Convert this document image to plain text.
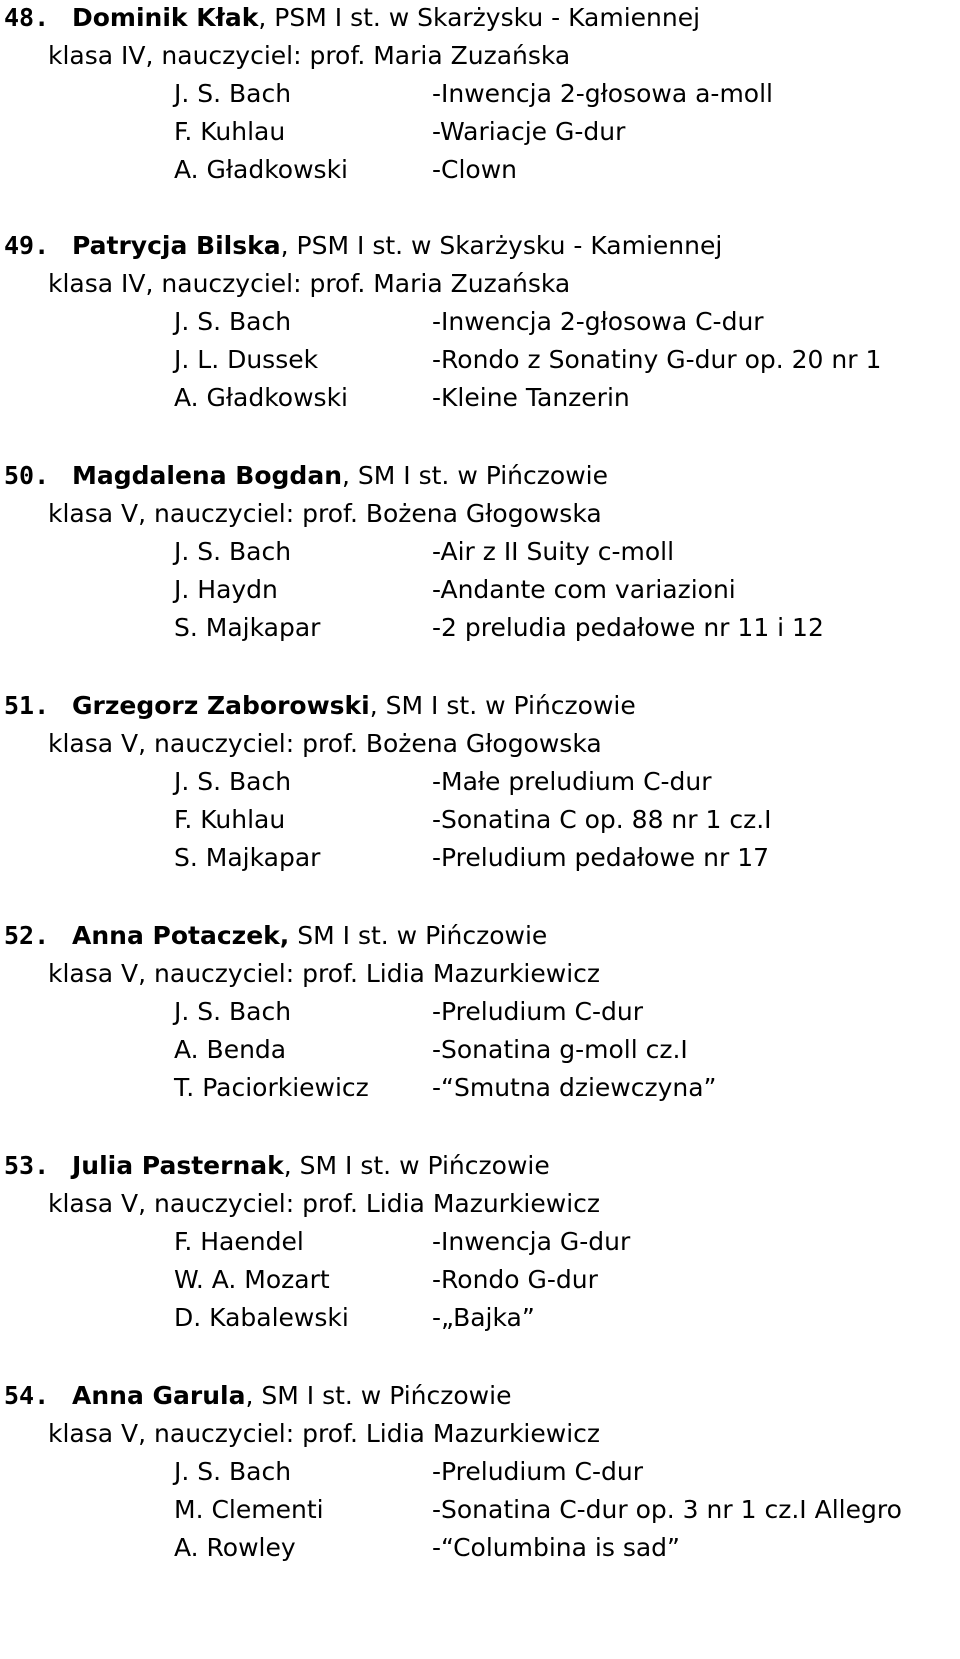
48. Dominik Kłak, PSM I st. w Skarżysku - Kamiennej
klasa IV, nauczyciel: prof. Maria Zuzańska
J. S. Bach	-Inwencja 2-głosowa a-moll
F. Kuhlau	-Wariacje G-dur
A. Gładkowski	-Clown
49. Patrycja Bilska, PSM I st. w Skarżysku - Kamiennej
klasa IV, nauczyciel: prof. Maria Zuzańska
J. S. Bach	-Inwencja 2-głosowa C-dur
J. L. Dussek	-Rondo z Sonatiny G-dur op. 20 nr 1
A. Gładkowski	-Kleine Tanzerin
50. Magdalena Bogdan, SM I st. w Pińczowie
klasa V, nauczyciel: prof. Bożena Głogowska
J. S. Bach	-Air z II Suity c-moll
J. Haydn	-Andante com variazioni
S. Majkapar	-2 preludia pedałowe nr 11 i 12
51. Grzegorz Zaborowski, SM I st. w Pińczowie
klasa V, nauczyciel: prof. Bożena Głogowska
J. S. Bach	-Małe preludium C-dur
F. Kuhlau	-Sonatina C op. 88 nr 1 cz.I
S. Majkapar	-Preludium pedałowe nr 17
52. Anna Potaczek, SM I st. w Pińczowie
klasa V, nauczyciel: prof. Lidia Mazurkiewicz
J. S. Bach	-Preludium C-dur
A. Benda	-Sonatina g-moll cz.I
T. Paciorkiewicz	-“Smutna dziewczyna”
53. Julia Pasternak, SM I st. w Pińczowie
klasa V, nauczyciel: prof. Lidia Mazurkiewicz
F. Haendel	-Inwencja G-dur
W. A. Mozart	-Rondo G-dur
D. Kabalewski	-„Bajka”
54. Anna Garula, SM I st. w Pińczowie
klasa V, nauczyciel: prof. Lidia Mazurkiewicz
J. S. Bach	-Preludium C-dur
M. Clementi	-Sonatina C-dur op. 3 nr 1 cz.I Allegro
A. Rowley	-“Columbina is sad”
